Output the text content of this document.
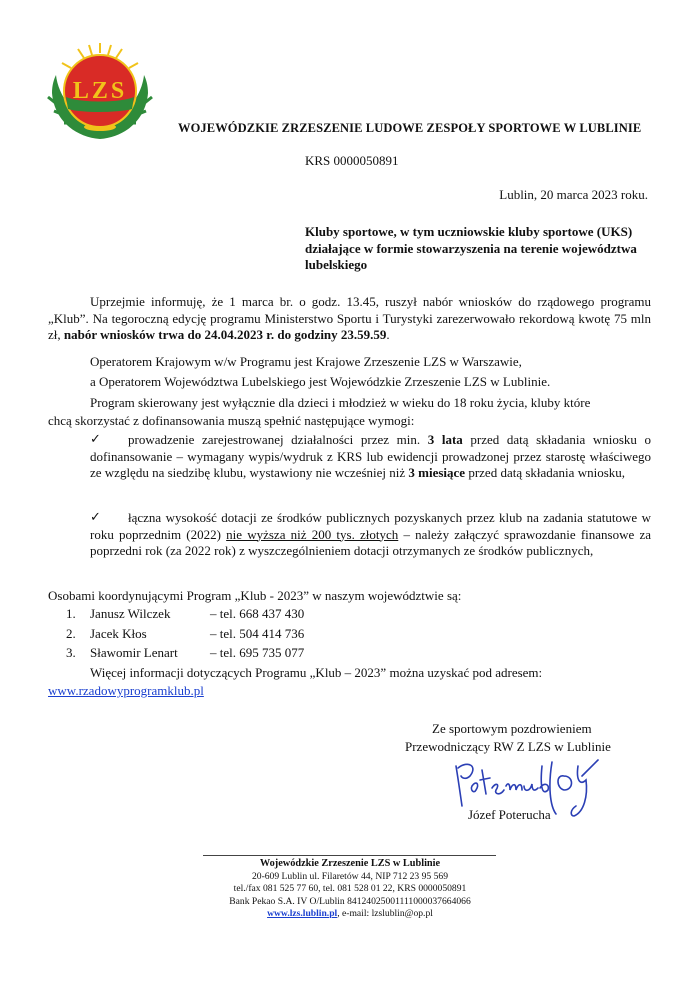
LZS
WOJEWÓDZKIE ZRZESZENIE LUDOWE ZESPOŁY SPORTOWE W LUBLINIE
KRS 0000050891
Lublin, 20 marca 2023 roku.
Kluby sportowe, w tym uczniowskie kluby sportowe (UKS) działające w formie stowarzyszenia na terenie województwa lubelskiego
Uprzejmie informuję, że 1 marca br. o godz. 13.45, ruszył nabór wniosków do rządowego programu „Klub”. Na tegoroczną edycję programu Ministerstwo Sportu i Turystyki zarezerwowało rekordową kwotę 75 mln zł, nabór wniosków trwa do 24.04.2023 r. do godziny 23.59.59.
Operatorem Krajowym w/w Programu jest Krajowe Zrzeszenie LZS w Warszawie,
a Operatorem Województwa Lubelskiego jest Wojewódzkie Zrzeszenie LZS w Lublinie.
Program skierowany jest wyłącznie dla dzieci i młodzież w wieku do 18 roku życia, kluby które
chcą skorzystać z dofinansowania muszą spełnić następujące wymogi:
✓	prowadzenie zarejestrowanej działalności przez min. 3 lata przed datą składania wniosku o dofinansowanie – wymagany wypis/wydruk z KRS lub ewidencji prowadzonej przez starostę właściwego ze względu na siedzibę klubu, wystawiony nie wcześniej niż 3 miesiące przed datą składania wniosku,
✓	łączna wysokość dotacji ze środków publicznych pozyskanych przez klub na zadania statutowe w roku poprzednim (2022) nie wyższa niż 200 tys. złotych – należy załączyć sprawozdanie finansowe za poprzedni rok (za 2022 rok) z wyszczególnieniem dotacji otrzymanych ze środków publicznych,
Osobami koordynującymi Program „Klub - 2023” w naszym województwie są:
1. Janusz Wilczek	– tel. 668 437 430
2. Jacek Kłos	– tel. 504 414 736
3. Sławomir Lenart – tel. 695 735 077
Więcej informacji dotyczących Programu „Klub – 2023” można uzyskać pod adresem:
www.rzadowyprogramklub.pl
Ze sportowym pozdrowieniem
Przewodniczący RW Z LZS w Lublinie
Józef Poterucha
Wojewódzkie Zrzeszenie LZS w Lublinie
20-609 Lublin ul. Filaretów 44, NIP 712 23 95 569
tel./fax 081 525 77 60, tel. 081 528 01 22, KRS 0000050891
Bank Pekao S.A. IV O/Lublin 84124025001111000037664066
www.lzs.lublin.pl, e-mail: lzslublin@op.pl
